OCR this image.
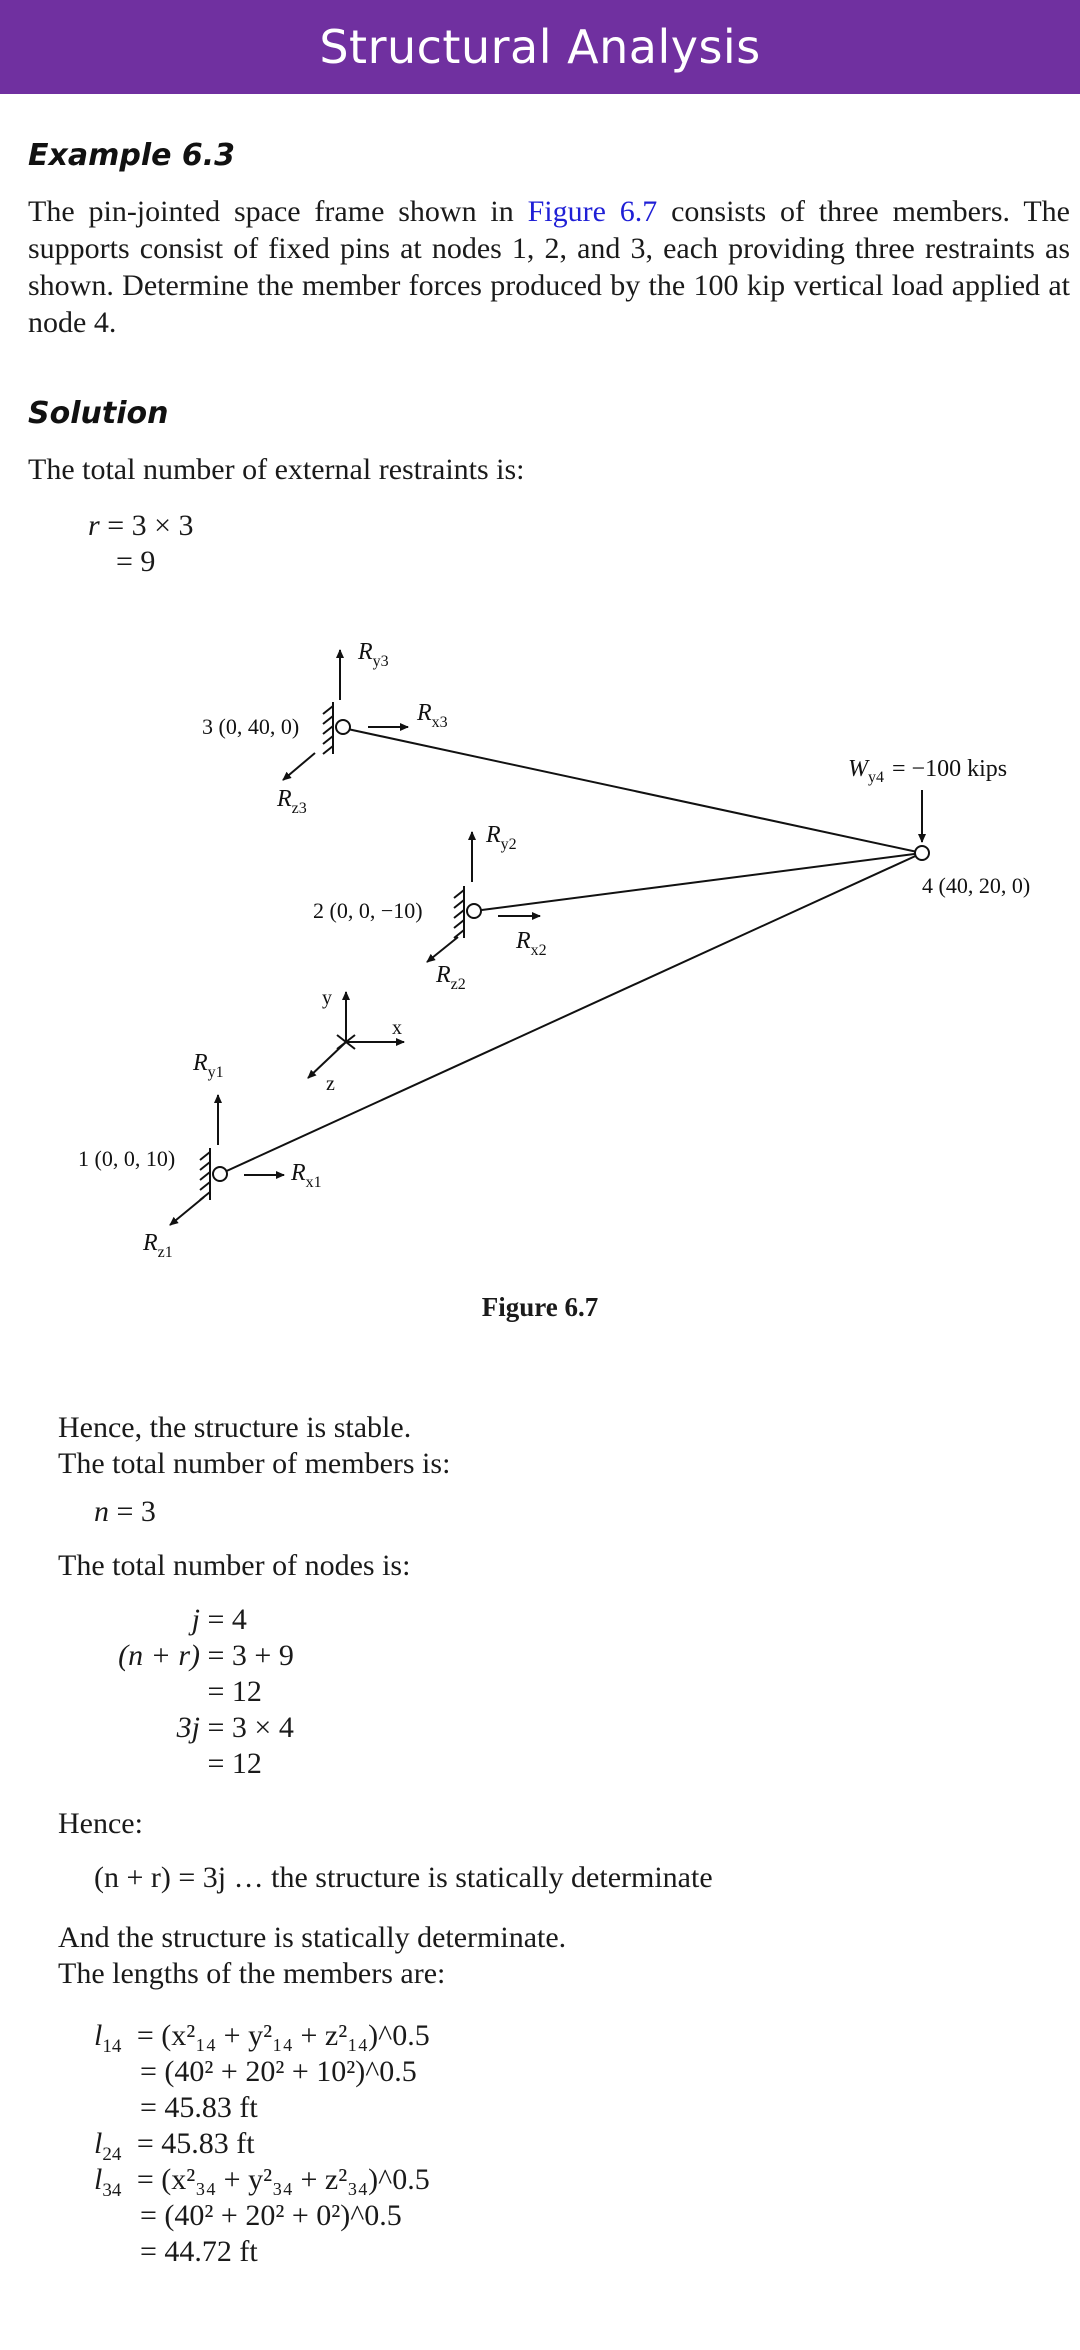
Structural Analysis
Example 6.3
The pin-jointed space frame shown in Figure 6.7 consists of three members. The supports consist of fixed pins at nodes 1, 2, and 3, each providing three restraints as shown. Determine the member forces produced by the 100 kip vertical load applied at node 4.
Solution
The total number of external restraints is:
r = 3 × 3
= 9
3 (0, 40, 0)
2 (0, 0, −10)
1 (0, 0, 10)
4 (40, 20, 0)
$W_{y4} = -100$ kips
$R_{y3}$
$R_{x3}$
$R_{z3}$
$R_{y2}$
$R_{x2}$
$R_{z2}$
$R_{y1}$
$R_{x1}$
$R_{z1}$
y
x
z
Figure 6.7
Hence, the structure is stable.
The total number of members is:
n = 3
The total number of nodes is:
j = 4
(n + r) = 3 + 9
= 12
3j = 3 × 4
= 12
Hence:
(n + r) = 3j … the structure is statically determinate
And the structure is statically determinate.
The lengths of the members are:
$l_{14} = (x^2_{14} + y^2_{14}$ + z²₁₄)^0.5
= (40² + 20² + 10²)^0.5
= 45.83 ft
$l_{24} = 45.83$ ft
$l_{34} = (x^2_{34} + y^2_{34}$ + z²₃₄)^0.5
= (40² + 20² + 0²)^0.5
= 44.72 ft
